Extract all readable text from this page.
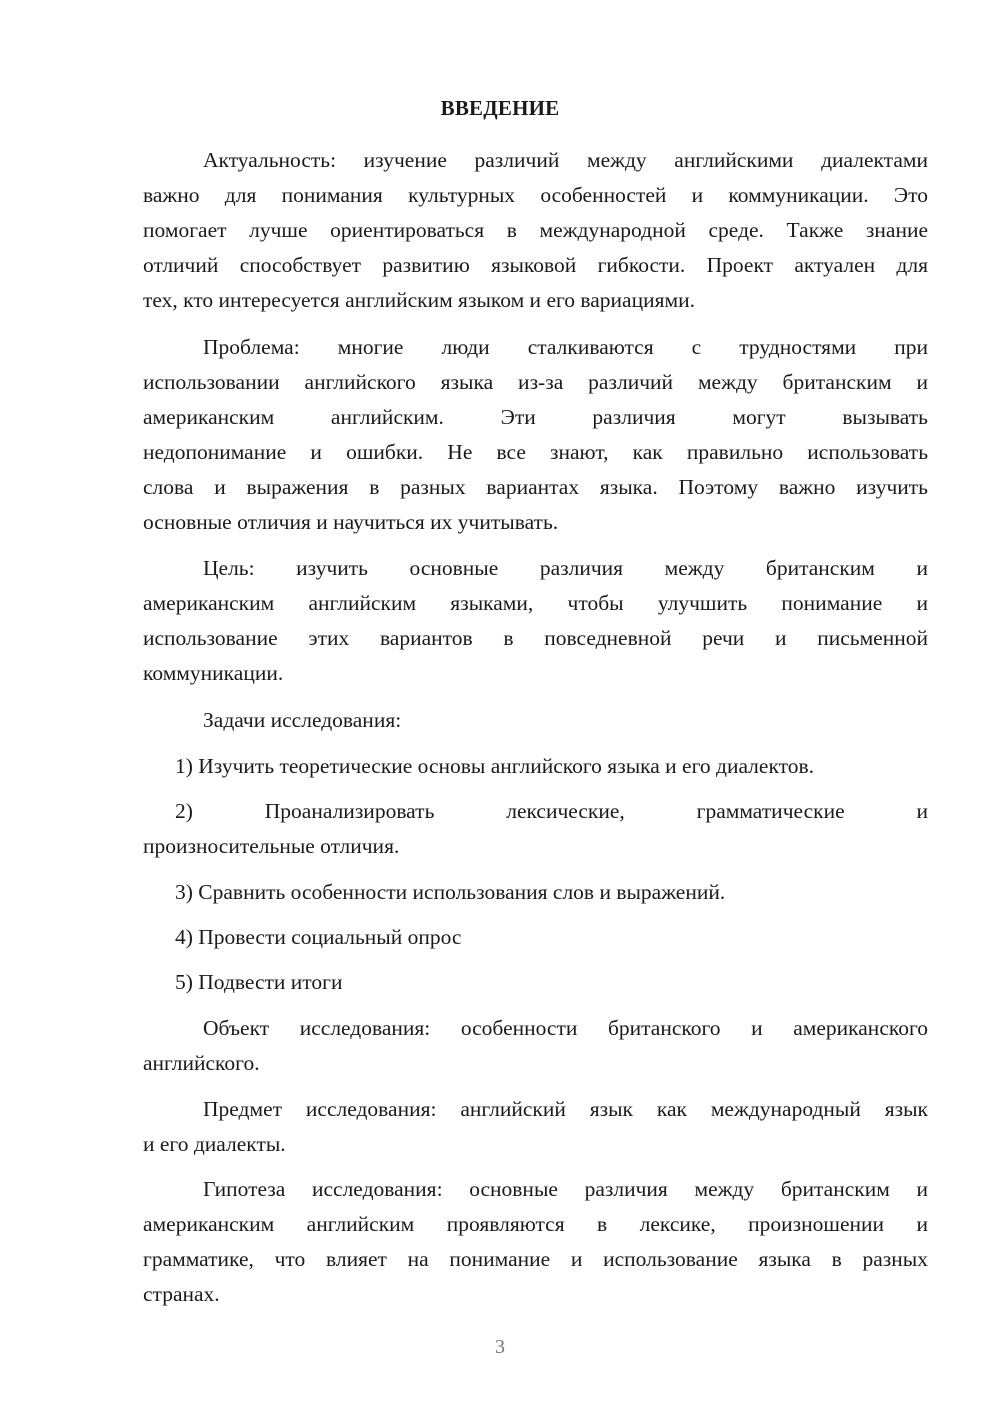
ВВЕДЕНИЕ
Актуальность: изучение различий между английскими диалектами
важно для понимания культурных особенностей и коммуникации. Это
помогает лучше ориентироваться в международной среде. Также знание
отличий способствует развитию языковой гибкости. Проект актуален для
тех, кто интересуется английским языком и его вариациями.
Проблема: многие люди сталкиваются с трудностями при
использовании английского языка из-за различий между британским и
американским английским. Эти различия могут вызывать
недопонимание и ошибки. Не все знают, как правильно использовать
слова и выражения в разных вариантах языка. Поэтому важно изучить
основные отличия и научиться их учитывать.
Цель: изучить основные различия между британским и
американским английским языками, чтобы улучшить понимание и
использование этих вариантов в повседневной речи и письменной
коммуникации.
Задачи исследования:
1) Изучить теоретические основы английского языка и его диалектов.
2) Проанализировать лексические, грамматические и
произносительные отличия.
3) Сравнить особенности использования слов и выражений.
4) Провести социальный опрос
5) Подвести итоги
Объект исследования: особенности британского и американского
английского.
Предмет исследования: английский язык как международный язык
и его диалекты.
Гипотеза исследования: основные различия между британским и
американским английским проявляются в лексике, произношении и
грамматике, что влияет на понимание и использование языка в разных
странах.
3
